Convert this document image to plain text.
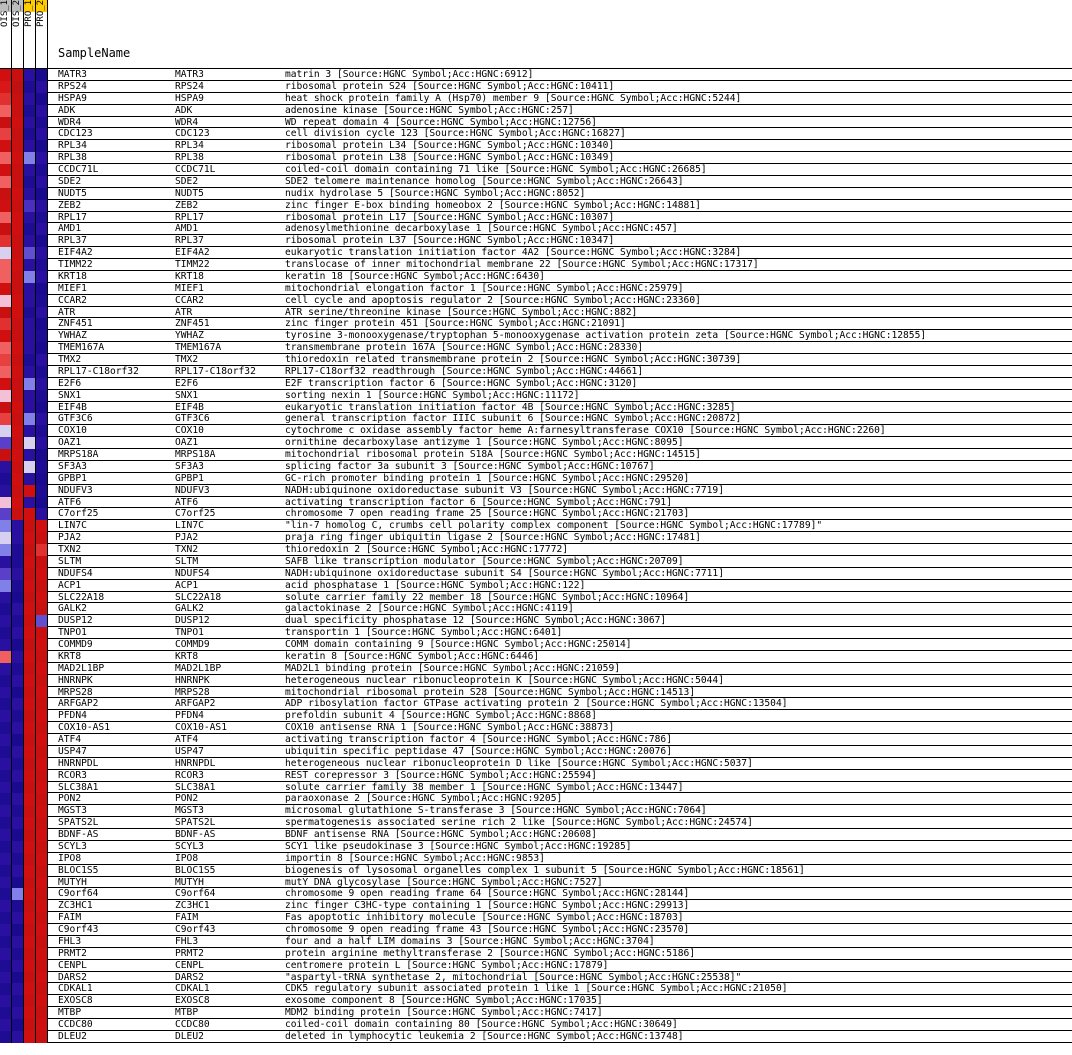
OIS_1 OIS_2 PRO_1 PRO_2
SampleName
MATR3	MATR3	matrin 3 [Source:HGNC Symbol;Acc:HGNC:6912]
RPS24	RPS24	ribosomal protein S24 [Source:HGNC Symbol;Acc:HGNC:10411]
HSPA9	HSPA9	heat shock protein family A (Hsp70) member 9 [Source:HGNC Symbol;Acc:HGNC:5244]
ADK	ADK	adenosine kinase [Source:HGNC Symbol;Acc:HGNC:257]
WDR4	WDR4	WD repeat domain 4 [Source:HGNC Symbol;Acc:HGNC:12756]
CDC123	CDC123	cell division cycle 123 [Source:HGNC Symbol;Acc:HGNC:16827]
RPL34	RPL34	ribosomal protein L34 [Source:HGNC Symbol;Acc:HGNC:10340]
RPL38	RPL38	ribosomal protein L38 [Source:HGNC Symbol;Acc:HGNC:10349]
CCDC71L	CCDC71L	coiled-coil domain containing 71 like [Source:HGNC Symbol;Acc:HGNC:26685]
SDE2	SDE2	SDE2 telomere maintenance homolog [Source:HGNC Symbol;Acc:HGNC:26643]
NUDT5	NUDT5	nudix hydrolase 5 [Source:HGNC Symbol;Acc:HGNC:8052]
ZEB2	ZEB2	zinc finger E-box binding homeobox 2 [Source:HGNC Symbol;Acc:HGNC:14881]
RPL17	RPL17	ribosomal protein L17 [Source:HGNC Symbol;Acc:HGNC:10307]
AMD1	AMD1	adenosylmethionine decarboxylase 1 [Source:HGNC Symbol;Acc:HGNC:457]
RPL37	RPL37	ribosomal protein L37 [Source:HGNC Symbol;Acc:HGNC:10347]
EIF4A2	EIF4A2	eukaryotic translation initiation factor 4A2 [Source:HGNC Symbol;Acc:HGNC:3284]
TIMM22	TIMM22	translocase of inner mitochondrial membrane 22 [Source:HGNC Symbol;Acc:HGNC:17317]
KRT18	KRT18	keratin 18 [Source:HGNC Symbol;Acc:HGNC:6430]
MIEF1	MIEF1	mitochondrial elongation factor 1 [Source:HGNC Symbol;Acc:HGNC:25979]
CCAR2	CCAR2	cell cycle and apoptosis regulator 2 [Source:HGNC Symbol;Acc:HGNC:23360]
ATR	ATR	ATR serine/threonine kinase [Source:HGNC Symbol;Acc:HGNC:882]
ZNF451	ZNF451	zinc finger protein 451 [Source:HGNC Symbol;Acc:HGNC:21091]
YWHAZ	YWHAZ	tyrosine 3-monooxygenase/tryptophan 5-monooxygenase activation protein zeta [Source:HGNC Symbol;Acc:HGNC:12855]
TMEM167A	TMEM167A	transmembrane protein 167A [Source:HGNC Symbol;Acc:HGNC:28330]
TMX2	TMX2	thioredoxin related transmembrane protein 2 [Source:HGNC Symbol;Acc:HGNC:30739]
RPL17-C18orf32	RPL17-C18orf32	RPL17-C18orf32 readthrough [Source:HGNC Symbol;Acc:HGNC:44661]
E2F6	E2F6	E2F transcription factor 6 [Source:HGNC Symbol;Acc:HGNC:3120]
SNX1	SNX1	sorting nexin 1 [Source:HGNC Symbol;Acc:HGNC:11172]
EIF4B	EIF4B	eukaryotic translation initiation factor 4B [Source:HGNC Symbol;Acc:HGNC:3285]
GTF3C6	GTF3C6	general transcription factor IIIC subunit 6 [Source:HGNC Symbol;Acc:HGNC:20872]
COX10	COX10	cytochrome c oxidase assembly factor heme A:farnesyltransferase COX10 [Source:HGNC Symbol;Acc:HGNC:2260]
OAZ1	OAZ1	ornithine decarboxylase antizyme 1 [Source:HGNC Symbol;Acc:HGNC:8095]
MRPS18A	MRPS18A	mitochondrial ribosomal protein S18A [Source:HGNC Symbol;Acc:HGNC:14515]
SF3A3	SF3A3	splicing factor 3a subunit 3 [Source:HGNC Symbol;Acc:HGNC:10767]
GPBP1	GPBP1	GC-rich promoter binding protein 1 [Source:HGNC Symbol;Acc:HGNC:29520]
NDUFV3	NDUFV3	NADH:ubiquinone oxidoreductase subunit V3 [Source:HGNC Symbol;Acc:HGNC:7719]
ATF6	ATF6	activating transcription factor 6 [Source:HGNC Symbol;Acc:HGNC:791]
C7orf25	C7orf25	chromosome 7 open reading frame 25 [Source:HGNC Symbol;Acc:HGNC:21703]
LIN7C	LIN7C	"lin-7 homolog C, crumbs cell polarity complex component [Source:HGNC Symbol;Acc:HGNC:17789]"
PJA2	PJA2	praja ring finger ubiquitin ligase 2 [Source:HGNC Symbol;Acc:HGNC:17481]
TXN2	TXN2	thioredoxin 2 [Source:HGNC Symbol;Acc:HGNC:17772]
SLTM	SLTM	SAFB like transcription modulator [Source:HGNC Symbol;Acc:HGNC:20709]
NDUFS4	NDUFS4	NADH:ubiquinone oxidoreductase subunit S4 [Source:HGNC Symbol;Acc:HGNC:7711]
ACP1	ACP1	acid phosphatase 1 [Source:HGNC Symbol;Acc:HGNC:122]
SLC22A18	SLC22A18	solute carrier family 22 member 18 [Source:HGNC Symbol;Acc:HGNC:10964]
GALK2	GALK2	galactokinase 2 [Source:HGNC Symbol;Acc:HGNC:4119]
DUSP12	DUSP12	dual specificity phosphatase 12 [Source:HGNC Symbol;Acc:HGNC:3067]
TNPO1	TNPO1	transportin 1 [Source:HGNC Symbol;Acc:HGNC:6401]
COMMD9	COMMD9	COMM domain containing 9 [Source:HGNC Symbol;Acc:HGNC:25014]
KRT8	KRT8	keratin 8 [Source:HGNC Symbol;Acc:HGNC:6446]
MAD2L1BP	MAD2L1BP	MAD2L1 binding protein [Source:HGNC Symbol;Acc:HGNC:21059]
HNRNPK	HNRNPK	heterogeneous nuclear ribonucleoprotein K [Source:HGNC Symbol;Acc:HGNC:5044]
MRPS28	MRPS28	mitochondrial ribosomal protein S28 [Source:HGNC Symbol;Acc:HGNC:14513]
ARFGAP2	ARFGAP2	ADP ribosylation factor GTPase activating protein 2 [Source:HGNC Symbol;Acc:HGNC:13504]
PFDN4	PFDN4	prefoldin subunit 4 [Source:HGNC Symbol;Acc:HGNC:8868]
COX10-AS1	COX10-AS1	COX10 antisense RNA 1 [Source:HGNC Symbol;Acc:HGNC:38873]
ATF4	ATF4	activating transcription factor 4 [Source:HGNC Symbol;Acc:HGNC:786]
USP47	USP47	ubiquitin specific peptidase 47 [Source:HGNC Symbol;Acc:HGNC:20076]
HNRNPDL	HNRNPDL	heterogeneous nuclear ribonucleoprotein D like [Source:HGNC Symbol;Acc:HGNC:5037]
RCOR3	RCOR3	REST corepressor 3 [Source:HGNC Symbol;Acc:HGNC:25594]
SLC38A1	SLC38A1	solute carrier family 38 member 1 [Source:HGNC Symbol;Acc:HGNC:13447]
PON2	PON2	paraoxonase 2 [Source:HGNC Symbol;Acc:HGNC:9205]
MGST3	MGST3	microsomal glutathione S-transferase 3 [Source:HGNC Symbol;Acc:HGNC:7064]
SPATS2L	SPATS2L	spermatogenesis associated serine rich 2 like [Source:HGNC Symbol;Acc:HGNC:24574]
BDNF-AS	BDNF-AS	BDNF antisense RNA [Source:HGNC Symbol;Acc:HGNC:20608]
SCYL3	SCYL3	SCY1 like pseudokinase 3 [Source:HGNC Symbol;Acc:HGNC:19285]
IPO8	IPO8	importin 8 [Source:HGNC Symbol;Acc:HGNC:9853]
BLOC1S5	BLOC1S5	biogenesis of lysosomal organelles complex 1 subunit 5 [Source:HGNC Symbol;Acc:HGNC:18561]
MUTYH	MUTYH	mutY DNA glycosylase [Source:HGNC Symbol;Acc:HGNC:7527]
C9orf64	C9orf64	chromosome 9 open reading frame 64 [Source:HGNC Symbol;Acc:HGNC:28144]
ZC3HC1	ZC3HC1	zinc finger C3HC-type containing 1 [Source:HGNC Symbol;Acc:HGNC:29913]
FAIM	FAIM	Fas apoptotic inhibitory molecule [Source:HGNC Symbol;Acc:HGNC:18703]
C9orf43	C9orf43	chromosome 9 open reading frame 43 [Source:HGNC Symbol;Acc:HGNC:23570]
FHL3	FHL3	four and a half LIM domains 3 [Source:HGNC Symbol;Acc:HGNC:3704]
PRMT2	PRMT2	protein arginine methyltransferase 2 [Source:HGNC Symbol;Acc:HGNC:5186]
CENPL	CENPL	centromere protein L [Source:HGNC Symbol;Acc:HGNC:17879]
DARS2	DARS2	"aspartyl-tRNA synthetase 2, mitochondrial [Source:HGNC Symbol;Acc:HGNC:25538]"
CDKAL1	CDKAL1	CDK5 regulatory subunit associated protein 1 like 1 [Source:HGNC Symbol;Acc:HGNC:21050]
EXOSC8	EXOSC8	exosome component 8 [Source:HGNC Symbol;Acc:HGNC:17035]
MTBP	MTBP	MDM2 binding protein [Source:HGNC Symbol;Acc:HGNC:7417]
CCDC80	CCDC80	coiled-coil domain containing 80 [Source:HGNC Symbol;Acc:HGNC:30649]
DLEU2	DLEU2	deleted in lymphocytic leukemia 2 [Source:HGNC Symbol;Acc:HGNC:13748]
